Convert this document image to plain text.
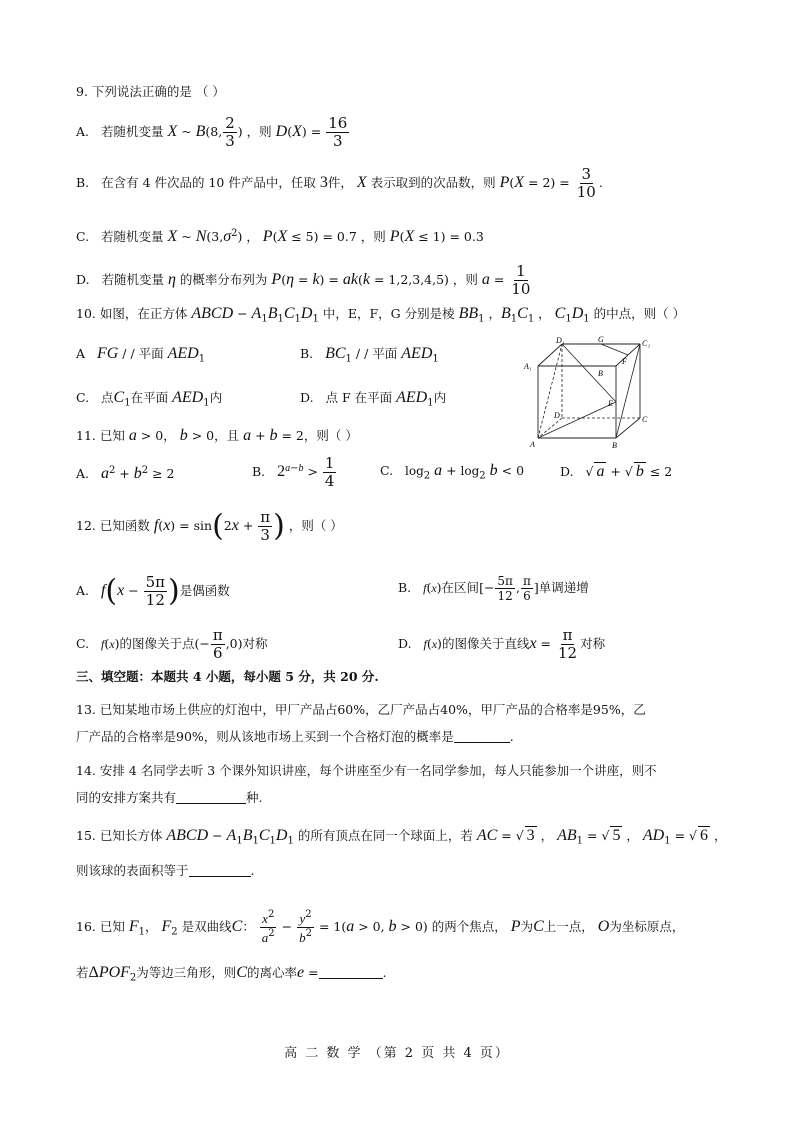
9. 下列说法正确的是 （ ）
A. 若随机变量 X ~ B(8, $\frac{2}{3}$ ) ，则 $D(X) = \frac{16}{3}$
B. 在含有 4 件次品的 10 件产品中，任取 3件， X 表示取到的次品数，则 $P(X = 2) = \frac{3}{10}$ .
C. 若随机变量 X ~ $N(3,\sigma^2)$ ， P(X ≤ 5) = 0.7 ，则 P(X ≤ 1) = 0.3
D. 若随机变量 η 的概率分布列为 P(η = k) = ak(k = 1,2,3,4,5) ，则 $a = \frac{1}{10}$
10. 如图，在正方体 ABCD − $A_1B_1C_1D_1$ 中，E，F，G 分别是棱 $BB_1$ ，$B_1C_1$ ， $C_1D_1$ 的中点，则（ ）
A FG / / 平面 $AED_1$	B. $BC_1$ / / 平面 $AED_1$
C. 点$C_1$在平面 $AED_1$内	D. 点 F 在平面 $AED_1$内
D₁	G	C₁
A₁
B
F
E
D	C
A	B
11. 已知 a > 0， b > 0，且 a + b = 2，则（ ）
A. $a^2 + b^2 \ge 2$	B. $2^{a-b} > \frac{1}{4}$	C. $\log_2 a + \log_2 b < 0$	D.   √ a + √ b ≤ 2
12. 已知函数 $f(x) = \sin(2x + \frac{\pi}{3}$ ) ，则（ ）
A. $f(x - \frac{5\pi}{12}$ )是偶函数	B. f(x)在区间[− $\frac{5\pi}{12}$ , $\frac{\pi}{6}$ ]单调递增
C. f(x)的图像关于点(− $\frac{\pi}{6} ,0$)对称	D. f(x)的图像关于直线$x = \frac{\pi}{12}$ 对称
三、填空题：本题共 4 小题，每小题 5 分，共 20 分.
13. 已知某地市场上供应的灯泡中，甲厂产品占60%，乙厂产品占40%，甲厂产品的合格率是95%，乙
厂产品的合格率是90%，则从该地市场上买到一个合格灯泡的概率是	.
14. 安排 4 名同学去听 3 个课外知识讲座，每个讲座至少有一名同学参加，每人只能参加一个讲座，则不
同的安排方案共有	种.
15. 已知长方体 ABCD − $A_1B_1C_1D_1$ 的所有顶点在同一个球面上，若 AC = √ 3 ， $AB_1$ = √ 5 ， $AD_1$ = √ 6 ，
则该球的表面积等于	.
16. 已知 $F_1$， $F_2$ 是双曲线C： $\frac{x^2}{a^2} - \frac{y^2}{b^2} = 1(a > 0$, b > 0) 的两个焦点， P为C上一点， O为坐标原点，
若$\Delta POF_2$为等边三角形，则C的离心率e =	.
高 二 数 学 （第 2 页 共 4 页）
